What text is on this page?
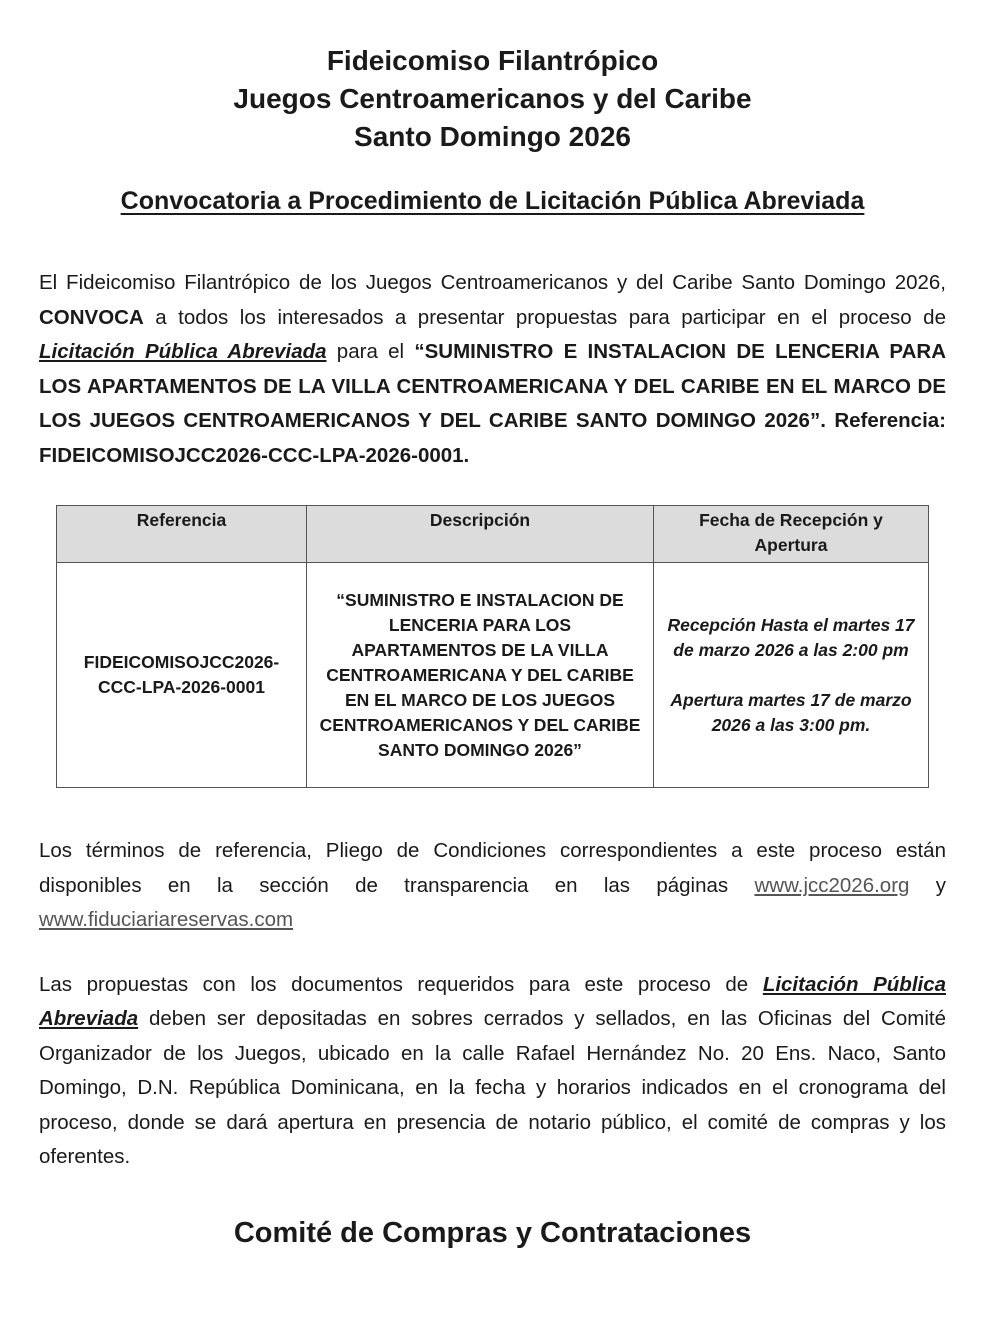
Fideicomiso Filantrópico
Juegos Centroamericanos y del Caribe
Santo Domingo 2026
Convocatoria a Procedimiento de Licitación Pública Abreviada

El Fideicomiso Filantrópico de los Juegos Centroamericanos y del Caribe Santo Domingo 2026, CONVOCA a todos los interesados a presentar propuestas para participar en el proceso de Licitación Pública Abreviada para el “SUMINISTRO E INSTALACION DE LENCERIA PARA LOS APARTAMENTOS DE LA VILLA CENTROAMERICANA Y DEL CARIBE EN EL MARCO DE LOS JUEGOS CENTROAMERICANOS Y DEL CARIBE SANTO DOMINGO 2026”. Referencia: FIDEICOMISOJCC2026-CCC-LPA-2026-0001.

Referencia	Descripción	Fecha de Recepción y Apertura
FIDEICOMISOJCC2026-CCC-LPA-2026-0001	“SUMINISTRO E INSTALACION DE LENCERIA PARA LOS APARTAMENTOS DE LA VILLA CENTROAMERICANA Y DEL CARIBE EN EL MARCO DE LOS JUEGOS CENTROAMERICANOS Y DEL CARIBE SANTO DOMINGO 2026”	Recepción Hasta el martes 17 de marzo 2026 a las 2:00 pm
Apertura martes 17 de marzo 2026 a las 3:00 pm.

Los términos de referencia, Pliego de Condiciones correspondientes a este proceso están disponibles en la sección de transparencia en las páginas www.jcc2026.org y www.fiduciariareservas.com

Las propuestas con los documentos requeridos para este proceso de Licitación Pública Abreviada deben ser depositadas en sobres cerrados y sellados, en las Oficinas del Comité Organizador de los Juegos, ubicado en la calle Rafael Hernández No. 20 Ens. Naco, Santo Domingo, D.N. República Dominicana, en la fecha y horarios indicados en el cronograma del proceso, donde se dará apertura en presencia de notario público, el comité de compras y los oferentes.

Comité de Compras y Contrataciones
